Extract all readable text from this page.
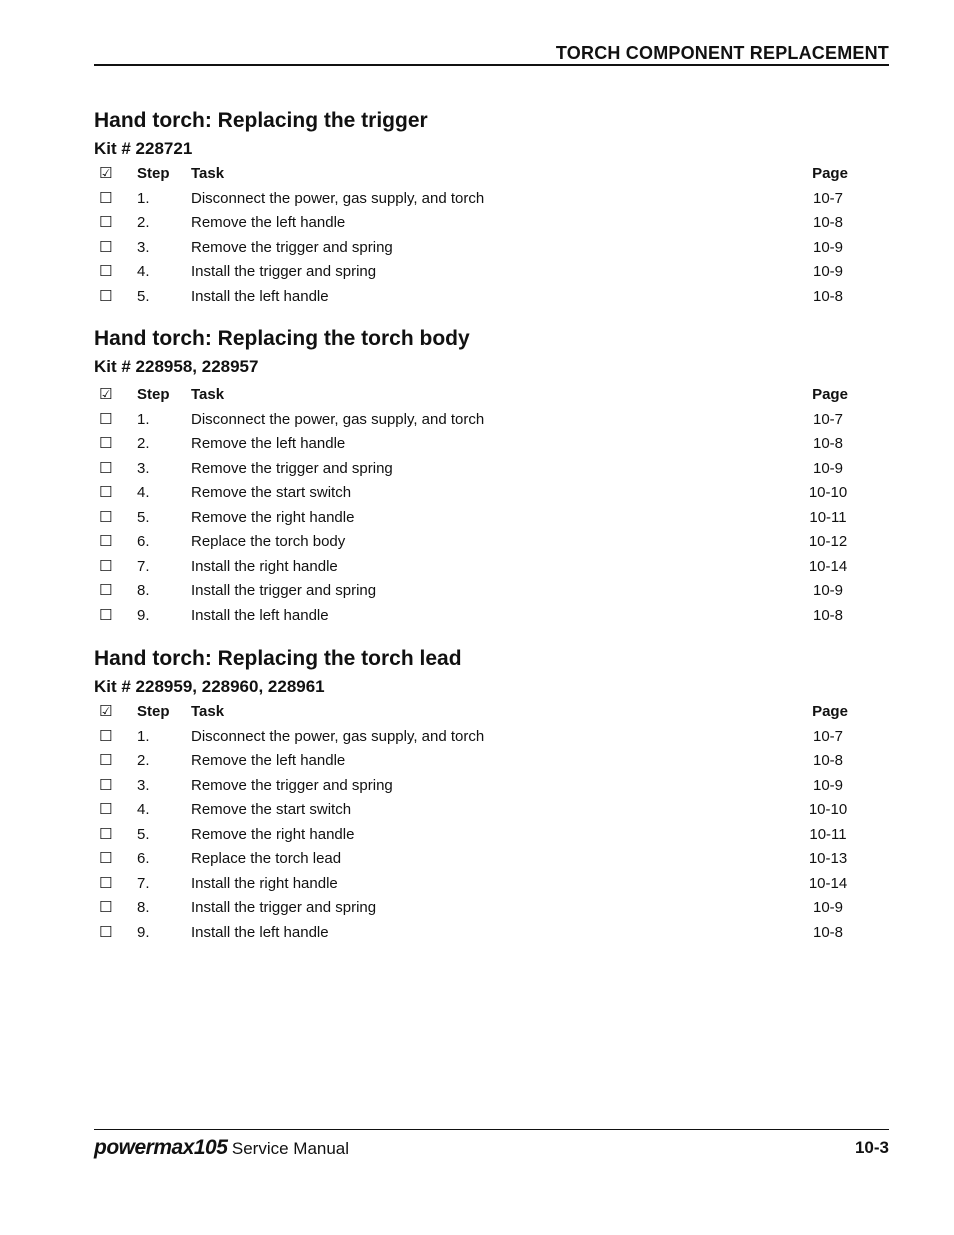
TORCH COMPONENT REPLACEMENT
Hand torch: Replacing the trigger
Kit # 228721
☑ Step Task	Page
☐ 1.	Disconnect the power, gas supply, and torch	10-7
☐ 2.	Remove the left handle	10-8
☐ 3.	Remove the trigger and spring	10-9
☐ 4.	Install the trigger and spring	10-9
☐ 5.	Install the left handle	10-8
Hand torch: Replacing the torch body
Kit # 228958, 228957
☑ Step Task	Page
☐ 1.	Disconnect the power, gas supply, and torch	10-7
☐ 2.	Remove the left handle	10-8
☐ 3.	Remove the trigger and spring	10-9
☐ 4.	Remove the start switch	10-10
☐ 5.	Remove the right handle	10-11
☐ 6.	Replace the torch body	10-12
☐ 7.	Install the right handle	10-14
☐ 8.	Install the trigger and spring	10-9
☐ 9.	Install the left handle	10-8
Hand torch: Replacing the torch lead
Kit # 228959, 228960, 228961
☑ Step Task	Page
☐ 1.	Disconnect the power, gas supply, and torch	10-7
☐ 2.	Remove the left handle	10-8
☐ 3.	Remove the trigger and spring	10-9
☐ 4.	Remove the start switch	10-10
☐ 5.	Remove the right handle	10-11
☐ 6.	Replace the torch lead	10-13
☐ 7.	Install the right handle	10-14
☐ 8.	Install the trigger and spring	10-9
☐ 9.	Install the left handle	10-8
powermax105 Service Manual	10-3
